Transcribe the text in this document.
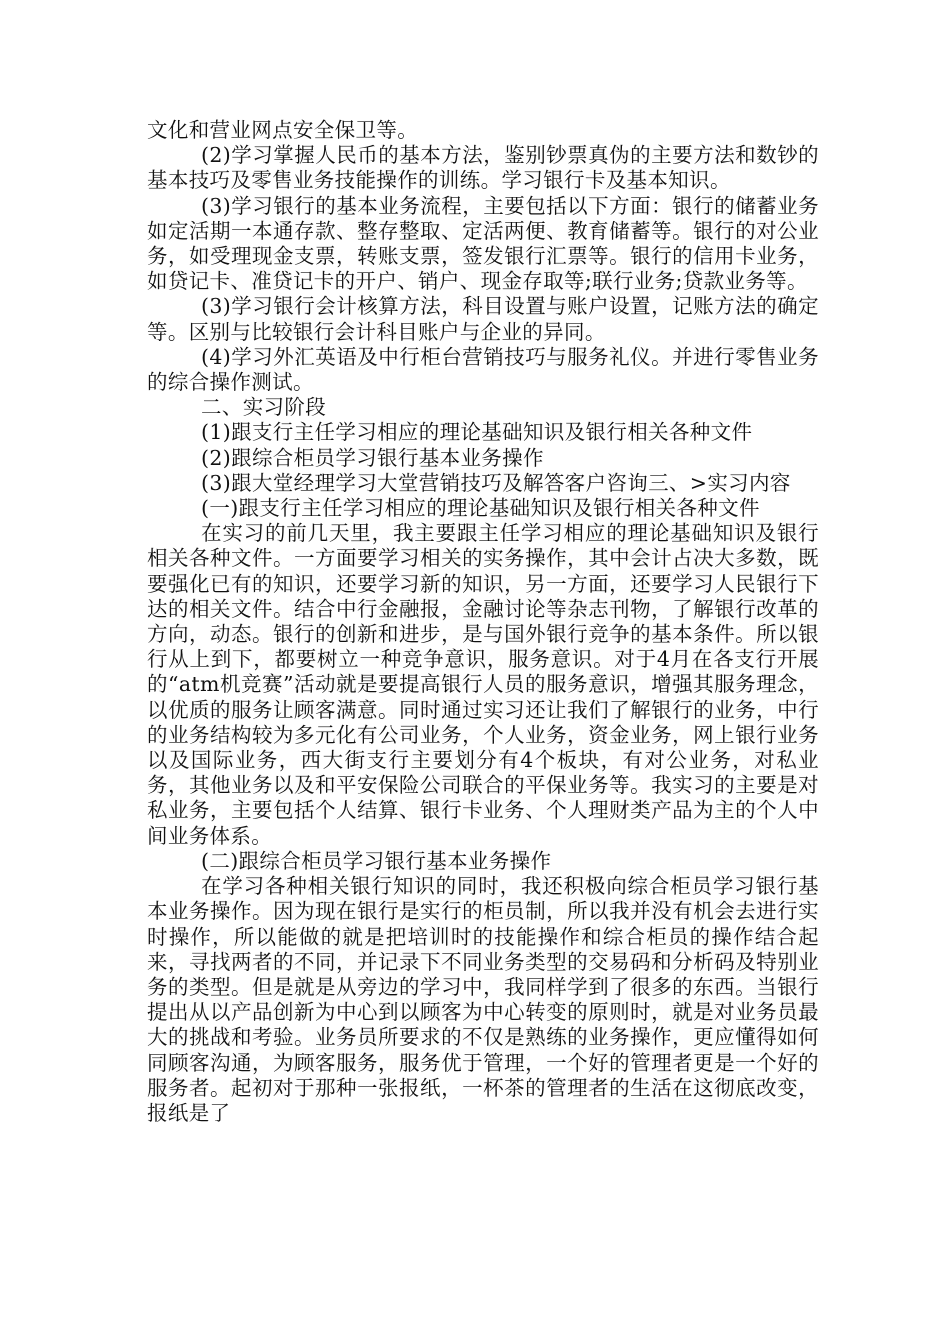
文化和营业网点安全保卫等。

(2)学习掌握人民币的基本方法，鉴别钞票真伪的主要方法和数钞的基本技巧及零售业务技能操作的训练。学习银行卡及基本知识。

(3)学习银行的基本业务流程，主要包括以下方面：银行的储蓄业务如定活期一本通存款、整存整取、定活两便、教育储蓄等。银行的对公业务，如受理现金支票，转账支票，签发银行汇票等。银行的信用卡业务，如贷记卡、准贷记卡的开户、销户、现金存取等;联行业务;贷款业务等。

(3)学习银行会计核算方法，科目设置与账户设置，记账方法的确定等。区别与比较银行会计科目账户与企业的异同。

(4)学习外汇英语及中行柜台营销技巧与服务礼仪。并进行零售业务的综合操作测试。

二、实习阶段

(1)跟支行主任学习相应的理论基础知识及银行相关各种文件

(2)跟综合柜员学习银行基本业务操作

(3)跟大堂经理学习大堂营销技巧及解答客户咨询三、>实习内容

(一)跟支行主任学习相应的理论基础知识及银行相关各种文件

在实习的前几天里，我主要跟主任学习相应的理论基础知识及银行相关各种文件。一方面要学习相关的实务操作，其中会计占决大多数，既要强化已有的知识，还要学习新的知识，另一方面，还要学习人民银行下达的相关文件。结合中行金融报，金融讨论等杂志刊物，了解银行改革的方向，动态。银行的创新和进步，是与国外银行竞争的基本条件。所以银行从上到下，都要树立一种竞争意识，服务意识。对于4月在各支行开展的“atm机竞赛”活动就是要提高银行人员的服务意识，增强其服务理念，以优质的服务让顾客满意。同时通过实习还让我们了解银行的业务，中行的业务结构较为多元化有公司业务，个人业务，资金业务，网上银行业务以及国际业务，西大街支行主要划分有4个板块，有对公业务，对私业务，其他业务以及和平安保险公司联合的平保业务等。我实习的主要是对私业务，主要包括个人结算、银行卡业务、个人理财类产品为主的个人中间业务体系。

(二)跟综合柜员学习银行基本业务操作

在学习各种相关银行知识的同时，我还积极向综合柜员学习银行基本业务操作。因为现在银行是实行的柜员制，所以我并没有机会去进行实时操作，所以能做的就是把培训时的技能操作和综合柜员的操作结合起来，寻找两者的不同，并记录下不同业务类型的交易码和分析码及特别业务的类型。但是就是从旁边的学习中，我同样学到了很多的东西。当银行提出从以产品创新为中心到以顾客为中心转变的原则时，就是对业务员最大的挑战和考验。业务员所要求的不仅是熟练的业务操作，更应懂得如何同顾客沟通，为顾客服务，服务优于管理，一个好的管理者更是一个好的服务者。起初对于那种一张报纸，一杯茶的管理者的生活在这彻底改变，报纸是了
